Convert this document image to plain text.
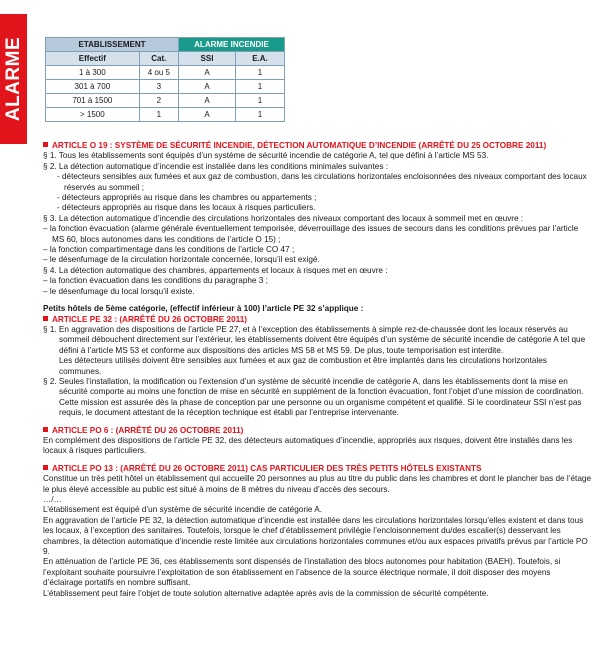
ALARME	ETABLISSEMENT		ALARME INCENDIE	
Effectif	Cat.	SSI	E.A.
1 à 300	4 ou 5	A	1
301 à 700	3	A	1
701 à 1500	2	A	1
> 1500	1	A	1

ARTICLE O 19 : SYSTÈME DE SÉCURITÉ INCENDIE, DÉTECTION AUTOMATIQUE D’INCENDIE (ARRÊTÉ DU 25 OCTOBRE 2011)

§ 1. Tous les établissements sont équipés d’un système de sécurité incendie de catégorie A, tel que défini à l’article MS 53.

§ 2. La détection automatique d’incendie est installée dans les conditions minimales suivantes :

- détecteurs sensibles aux fumées et aux gaz de combustion, dans les circulations horizontales encloisonnées des niveaux comportant des locaux réservés au sommeil ;

- détecteurs appropriés au risque dans les chambres ou appartements ;

- détecteurs appropriés au risque dans les locaux à risques particuliers.

§ 3. La détection automatique d’incendie des circulations horizontales des niveaux comportant des locaux à sommeil met en œuvre :

– la fonction évacuation (alarme générale éventuellement temporisée, déverrouillage des issues de secours dans les conditions prévues par l’article MS 60, blocs autonomes dans les conditions de l’article O 15) ;

– la fonction compartimentage dans les conditions de l’article CO 47 ;

– le désenfumage de la circulation horizontale concernée, lorsqu’il est exigé.

§ 4. La détection automatique des chambres, appartements et locaux à risques met en œuvre :

– la fonction évacuation dans les conditions du paragraphe 3 ;

– le désenfumage du local lorsqu’il existe.

Petits hôtels de 5ème catégorie, (effectif inférieur à 100) l’article PE 32 s’applique :

ARTICLE PE 32 : (ARRÊTÉ DU 26 OCTOBRE 2011)

§ 1. En aggravation des dispositions de l’article PE 27, et à l’exception des établissements à simple rez-de-chaussée dont les locaux réservés au sommeil débouchent directement sur l’extérieur, les établissements doivent être équipés d’un système de sécurité incendie de catégorie A tel que défini à l’article MS 53 et conforme aux dispositions des articles MS 58 et MS 59. De plus, toute temporisation est interdite.

Les détecteurs utilisés doivent être sensibles aux fumées et aux gaz de combustion et être implantés dans les circulations horizontales communes.

§ 2. Seules l’installation, la modification ou l’extension d’un système de sécurité incendie de catégorie A, dans les établissements dont la mise en sécurité comporte au moins une fonction de mise en sécurité en supplément de la fonction évacuation, font l’objet d’une mission de coordination. Cette mission est assurée dès la phase de conception par une personne ou un organisme compétent et qualifié. Si le coordinateur SSI n’est pas requis, le document attestant de la réception technique est établi par l’entreprise intervenante.

ARTICLE PO 6 : (ARRÊTÉ DU 26 OCTOBRE 2011)

En complément des dispositions de l’article PE 32, des détecteurs automatiques d’incendie, appropriés aux risques, doivent être installés dans les locaux à risques particuliers.

ARTICLE PO 13 : (ARRÊTÉ DU 26 OCTOBRE 2011) CAS PARTICULIER DES TRÈS PETITS HÔTELS EXISTANTS

Constitue un très petit hôtel un établissement qui accueille 20 personnes au plus au titre du public dans les chambres et dont le plancher bas de l’étage le plus élevé accessible au public est situé à moins de 8 mètres du niveau d’accès des secours.

…/…

L’établissement est équipé d’un système de sécurité incendie de catégorie A.

En aggravation de l’article PE 32, la détection automatique d’incendie est installée dans les circulations horizontales lorsqu’elles existent et dans tous les locaux, à l’exception des sanitaires. Toutefois, lorsque le chef d’établissement privilégie l’encloisonnement du/des escalier(s) desservant les chambres, la détection automatique d’incendie reste limitée aux circulations horizontales communes et/ou aux espaces privatifs prévus par l’article PO 9.

En atténuation de l’article PE 36, ces établissements sont dispensés de l’installation des blocs autonomes pour habitation (BAEH). Toutefois, si l’exploitant souhaite poursuivre l’exploitation de son établissement en l’absence de la source électrique normale, il doit disposer des moyens d’éclairage portatifs en nombre suffisant.

L’établissement peut faire l’objet de toute solution alternative adaptée après avis de la commission de sécurité compétente.
